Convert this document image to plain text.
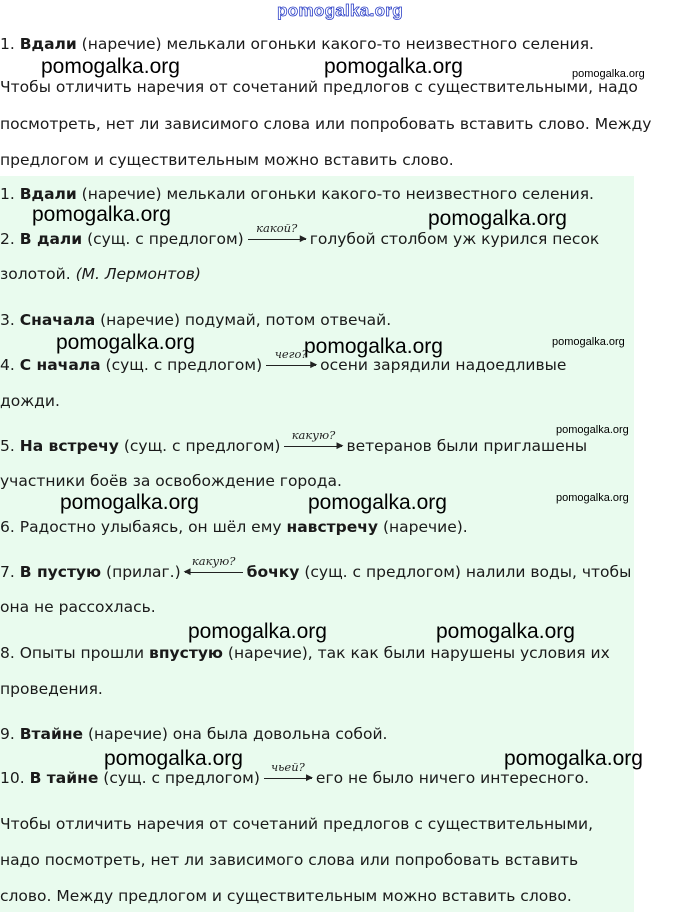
pomogalka.org
1. Вдали (наречие) мелькали огоньки какого-то неизвестного селения.
Чтобы отличить наречия от сочетаний предлогов с существительными, надо
посмотреть, нет ли зависимого слова или попробовать вставить слово. Между
предлогом и существительным можно вставить слово.
1. Вдали (наречие) мелькали огоньки какого-то неизвестного селения.
2. В дали (сущ. с предлогом)
какой?
▶ голубой столбом уж курился песок
золотой. (М. Лермонтов)
3. Сначала (наречие) подумай, потом отвечай.
4. С начала (сущ. с предлогом)
чего?
▶ осени зарядили надоедливые
дожди.
5. На встречу (сущ. с предлогом)
какую?
▶ ветеранов были приглашены
участники боёв за освобождение города.
6. Радостно улыбаясь, он шёл ему навстречу (наречие).
7. В пустую (прилаг.)
какую?
◀	бочку (сущ. с предлогом) налили воды, чтобы
она не рассохлась.
8. Опыты прошли впустую (наречие), так как были нарушены условия их
проведения.
9. Втайне (наречие) она была довольна собой.
10. В тайне (сущ. с предлогом)
чьей?
▶ его не было ничего интересного.
Чтобы отличить наречия от сочетаний предлогов с существительными,
надо посмотреть, нет ли зависимого слова или попробовать вставить
слово. Между предлогом и существительным можно вставить слово.
pomogalka.org	pomogalka.org	pomogalka.org
pomogalka.org	pomogalka.org
pomogalka.org	pomogalka.org	pomogalka.org
pomogalka.org
pomogalka.org	pomogalka.org	pomogalka.org
pomogalka.org	pomogalka.org
pomogalka.org	pomogalka.org
